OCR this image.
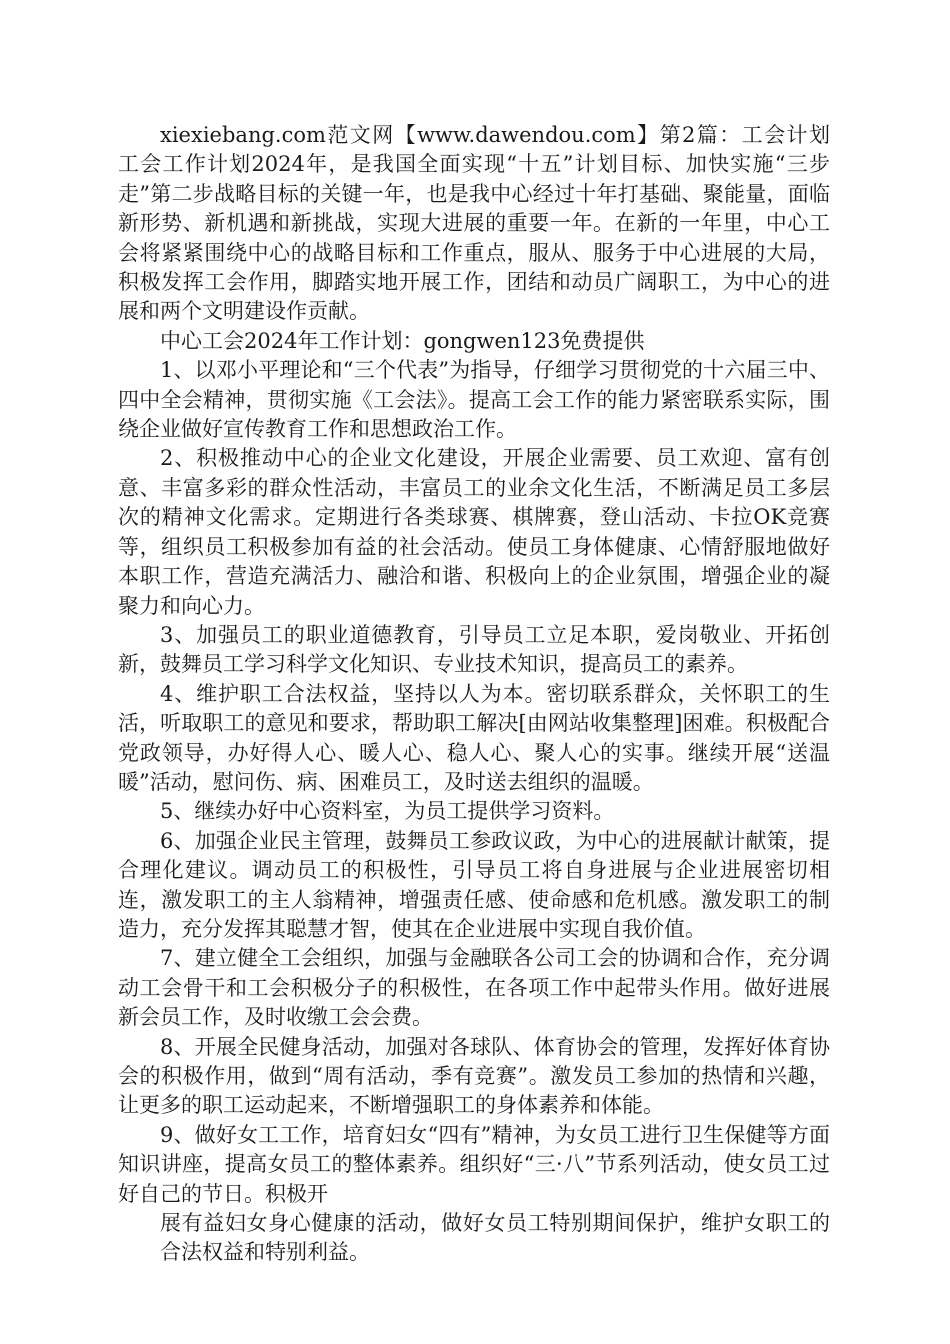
xiexiebang.com范文网【www.dawendou.com】第2篇：工会计划工会工作计划2024年，是我国全面实现“十五”计划目标、加快实施“三步走”第二步战略目标的关键一年，也是我中心经过十年打基础、聚能量，面临新形势、新机遇和新挑战，实现大进展的重要一年。在新的一年里，中心工会将紧紧围绕中心的战略目标和工作重点，服从、服务于中心进展的大局，积极发挥工会作用，脚踏实地开展工作，团结和动员广阔职工，为中心的进展和两个文明建设作贡献。

中心工会2024年工作计划：gongwen123免费提供

1、以邓小平理论和“三个代表”为指导，仔细学习贯彻党的十六届三中、四中全会精神，贯彻实施《工会法》。提高工会工作的能力紧密联系实际，围绕企业做好宣传教育工作和思想政治工作。

2、积极推动中心的企业文化建设，开展企业需要、员工欢迎、富有创意、丰富多彩的群众性活动，丰富员工的业余文化生活，不断满足员工多层次的精神文化需求。定期进行各类球赛、棋牌赛，登山活动、卡拉OK竞赛等，组织员工积极参加有益的社会活动。使员工身体健康、心情舒服地做好本职工作，营造充满活力、融洽和谐、积极向上的企业氛围，增强企业的凝聚力和向心力。

3、加强员工的职业道德教育，引导员工立足本职，爱岗敬业、开拓创新，鼓舞员工学习科学文化知识、专业技术知识，提高员工的素养。

4、维护职工合法权益，坚持以人为本。密切联系群众，关怀职工的生活，听取职工的意见和要求，帮助职工解决[由网站收集整理]困难。积极配合党政领导，办好得人心、暖人心、稳人心、聚人心的实事。继续开展“送温暖”活动，慰问伤、病、困难员工，及时送去组织的温暖。

5、继续办好中心资料室，为员工提供学习资料。

6、加强企业民主管理，鼓舞员工参政议政，为中心的进展献计献策，提合理化建议。调动员工的积极性，引导员工将自身进展与企业进展密切相连，激发职工的主人翁精神，增强责任感、使命感和危机感。激发职工的制造力，充分发挥其聪慧才智，使其在企业进展中实现自我价值。

7、建立健全工会组织，加强与金融联各公司工会的协调和合作，充分调动工会骨干和工会积极分子的积极性，在各项工作中起带头作用。做好进展新会员工作，及时收缴工会会费。

8、开展全民健身活动，加强对各球队、体育协会的管理，发挥好体育协会的积极作用，做到“周有活动，季有竞赛”。激发员工参加的热情和兴趣，让更多的职工运动起来，不断增强职工的身体素养和体能。

9、做好女工工作，培育妇女“四有”精神，为女员工进行卫生保健等方面知识讲座，提高女员工的整体素养。组织好“三·八”节系列活动，使女员工过好自己的节日。积极开

展有益妇女身心健康的活动，做好女员工特别期间保护，维护女职工的合法权益和特别利益。
